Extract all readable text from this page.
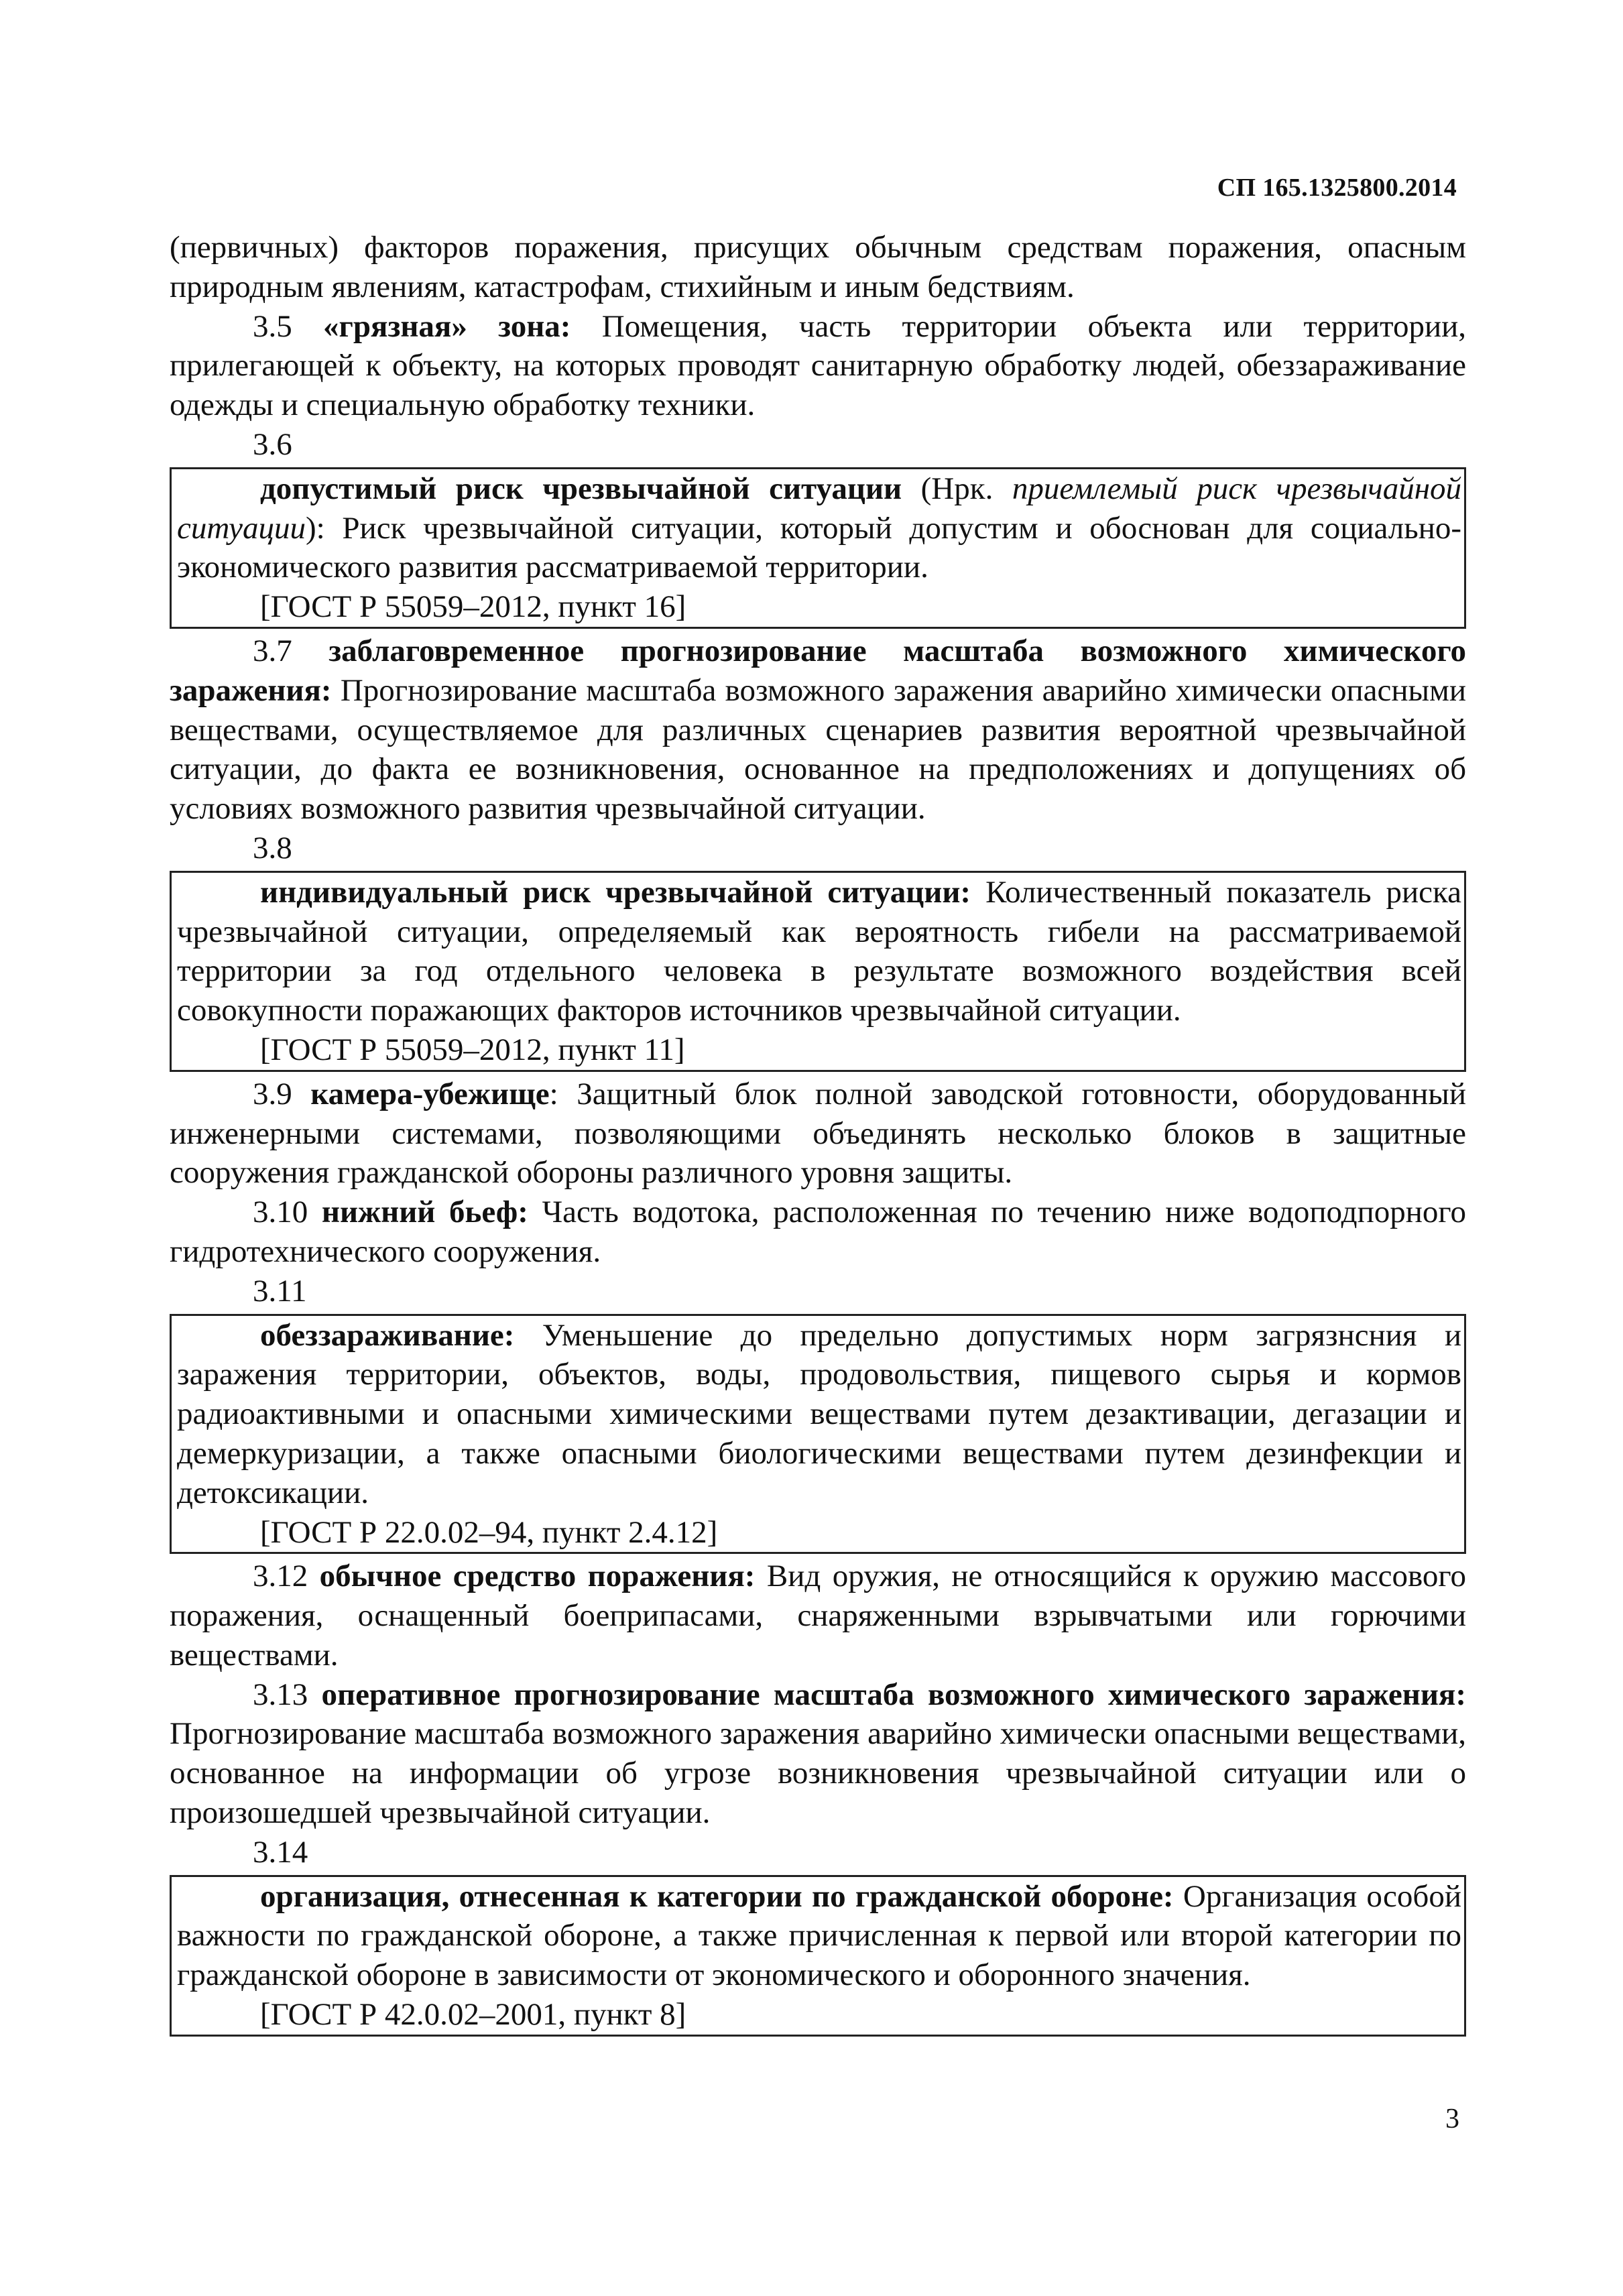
СП 165.1325800.2014

(первичных) факторов поражения, присущих обычным средствам поражения, опасным природным явлениям, катастрофам, стихийным и иным бедствиям.

3.5 «грязная» зона: Помещения, часть территории объекта или территории, прилегающей к объекту, на которых проводят санитарную обработку людей, обеззараживание одежды и специальную обработку техники.

3.6

допустимый риск чрезвычайной ситуации (Нрк. приемлемый риск чрезвычайной ситуации): Риск чрезвычайной ситуации, который допустим и обоснован для социально-экономического развития рассматриваемой территории.

[ГОСТ Р 55059–2012, пункт 16]

3.7 заблаговременное прогнозирование масштаба возможного химического заражения: Прогнозирование масштаба возможного заражения аварийно химически опасными веществами, осуществляемое для различных сценариев развития вероятной чрезвычайной ситуации, до факта ее возникновения, основанное на предположениях и допущениях об условиях возможного развития чрезвычайной ситуации.

3.8

индивидуальный риск чрезвычайной ситуации: Количественный показатель риска чрезвычайной ситуации, определяемый как вероятность гибели на рассматриваемой территории за год отдельного человека в результате возможного воздействия всей совокупности поражающих факторов источников чрезвычайной ситуации.

[ГОСТ Р 55059–2012, пункт 11]

3.9 камера-убежище: Защитный блок полной заводской готовности, оборудованный инженерными системами, позволяющими объединять несколько блоков в защитные сооружения гражданской обороны различного уровня защиты.

3.10 нижний бьеф: Часть водотока, расположенная по течению ниже водоподпорного гидротехнического сооружения.

3.11

обеззараживание: Уменьшение до предельно допустимых норм загрязнсния и заражения территории, объектов, воды, продовольствия, пищевого сырья и кормов радиоактивными и опасными химическими веществами путем дезактивации, дегазации и демеркуризации, а также опасными биологическими веществами путем дезинфекции и детоксикации.

[ГОСТ Р 22.0.02–94, пункт 2.4.12]

3.12 обычное средство поражения: Вид оружия, не относящийся к оружию массового поражения, оснащенный боеприпасами, снаряженными взрывчатыми или горючими веществами.

3.13 оперативное прогнозирование масштаба возможного химического заражения: Прогнозирование масштаба возможного заражения аварийно химически опасными веществами, основанное на информации об угрозе возникновения чрезвычайной ситуации или о произошедшей чрезвычайной ситуации.

3.14

организация, отнесенная к категории по гражданской обороне: Организация особой важности по гражданской обороне, а также причисленная к первой или второй категории по гражданской обороне в зависимости от экономического и оборонного значения.

[ГОСТ Р 42.0.02–2001, пункт 8]

3
